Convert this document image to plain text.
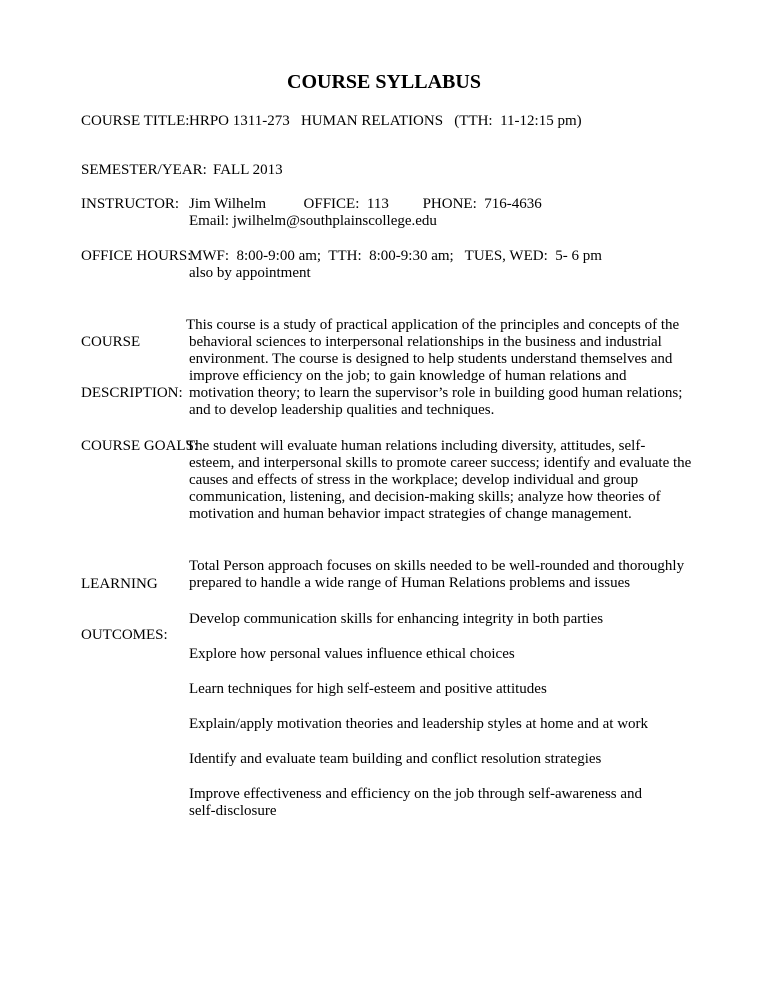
COURSE SYLLABUS
COURSE TITLE: HRPO 1311-273   HUMAN RELATIONS   (TTH:  11-12:15 pm)
SEMESTER/YEAR: FALL 2013
INSTRUCTOR: Jim Wilhelm          OFFICE:  113         PHONE:  716-4636
Email: jwilhelm@southplainscollege.edu
OFFICE HOURS:
MWF:  8:00-9:00 am;  TTH:  8:00-9:30 am;   TUES, WED:  5- 6 pm
also by appointment

COURSE

DESCRIPTION:

This course is a study of practical application of the principles and concepts of the
behavioral sciences to interpersonal relationships in the business and industrial
environment. The course is designed to help students understand themselves and
improve efficiency on the job; to gain knowledge of human relations and
motivation theory; to learn the supervisor’s role in building good human relations;
and to develop leadership qualities and techniques.
COURSE GOALS:
The student will evaluate human relations including diversity, attitudes, self-
esteem, and interpersonal skills to promote career success; identify and evaluate the
causes and effects of stress in the workplace; develop individual and group
communication, listening, and decision-making skills; analyze how theories of
motivation and human behavior impact strategies of change management.

LEARNING

OUTCOMES:

Total Person approach focuses on skills needed to be well-rounded and thoroughly
prepared to handle a wide range of Human Relations problems and issues
Develop communication skills for enhancing integrity in both parties
Explore how personal values influence ethical choices
Learn techniques for high self-esteem and positive attitudes
Explain/apply motivation theories and leadership styles at home and at work
Identify and evaluate team building and conflict resolution strategies
Improve effectiveness and efficiency on the job through self-awareness and
self-disclosure
